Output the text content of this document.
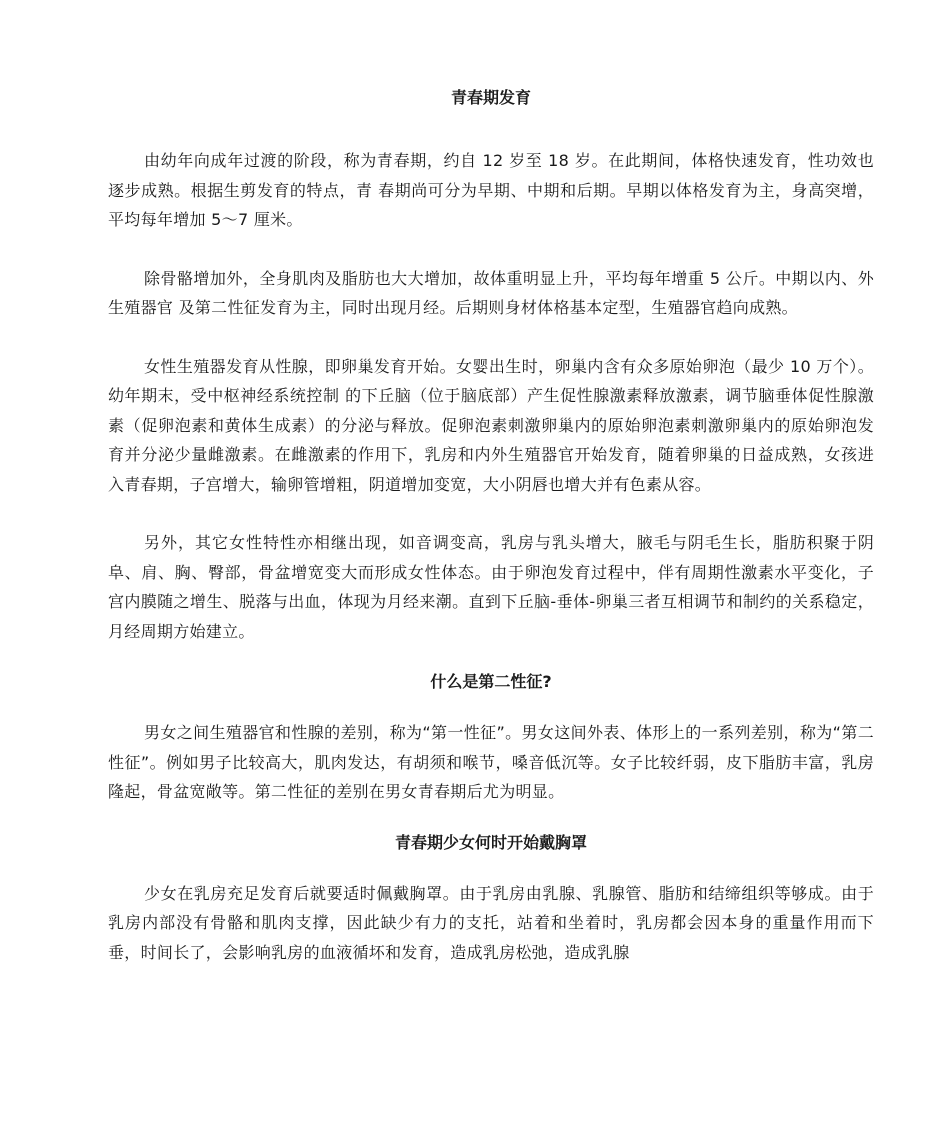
青春期发育

由幼年向成年过渡的阶段，称为青春期，约自 12 岁至 18 岁。在此期间，体格快速发育，性功效也逐步成熟。根据生剪发育的特点，青 春期尚可分为早期、中期和后期。早期以体格发育为主，身高突增， 平均每年增加 5～7 厘米。

除骨骼增加外，全身肌肉及脂肪也大大增加，故体重明显上升，平均每年增重 5 公斤。中期以内、外生殖器官 及第二性征发育为主，同时出现月经。后期则身材体格基本定型，生殖器官趋向成熟。

女性生殖器发育从性腺，即卵巢发育开始。女婴出生时，卵巢内含有众多原始卵泡（最少 10 万个）。幼年期末，受中枢神经系统控制 的下丘脑（位于脑底部）产生促性腺激素释放激素，调节脑垂体促性腺激素（促卵泡素和黄体生成素）的分泌与释放。促卵泡素刺激卵巢内的原始卵泡素刺激卵巢内的原始卵泡发育并分泌少量雌激素。在雌激素的作用下，乳房和内外生殖器官开始发育，随着卵巢的日益成熟，女孩进入青春期，子宫增大，输卵管增粗，阴道增加变宽，大小阴唇也增大并有色素从容。

另外，其它女性特性亦相继出现，如音调变高，乳房与乳头增大，腋毛与阴毛生长，脂肪积聚于阴阜、肩、胸、臀部，骨盆增宽变大而形成女性体态。由于卵泡发育过程中，伴有周期性激素水平变化，子宫内膜随之增生、脱落与出血，体现为月经来潮。直到下丘脑-垂体-卵巢三者互相调节和制约的关系稳定，月经周期方始建立。

什么是第二性征?

男女之间生殖器官和性腺的差别，称为“第一性征”。男女这间外表、体形上的一系列差别，称为“第二性征”。例如男子比较高大，肌肉发达，有胡须和喉节，嗓音低沉等。女子比较纤弱，皮下脂肪丰富，乳房隆起，骨盆宽敞等。第二性征的差别在男女青春期后尤为明显。

青春期少女何时开始戴胸罩

少女在乳房充足发育后就要适时佩戴胸罩。由于乳房由乳腺、乳腺管、脂肪和结缔组织等够成。由于乳房内部没有骨骼和肌肉支撑，因此缺少有力的支托，站着和坐着时，乳房都会因本身的重量作用而下垂，时间长了，会影响乳房的血液循坏和发育，造成乳房松弛，造成乳腺
